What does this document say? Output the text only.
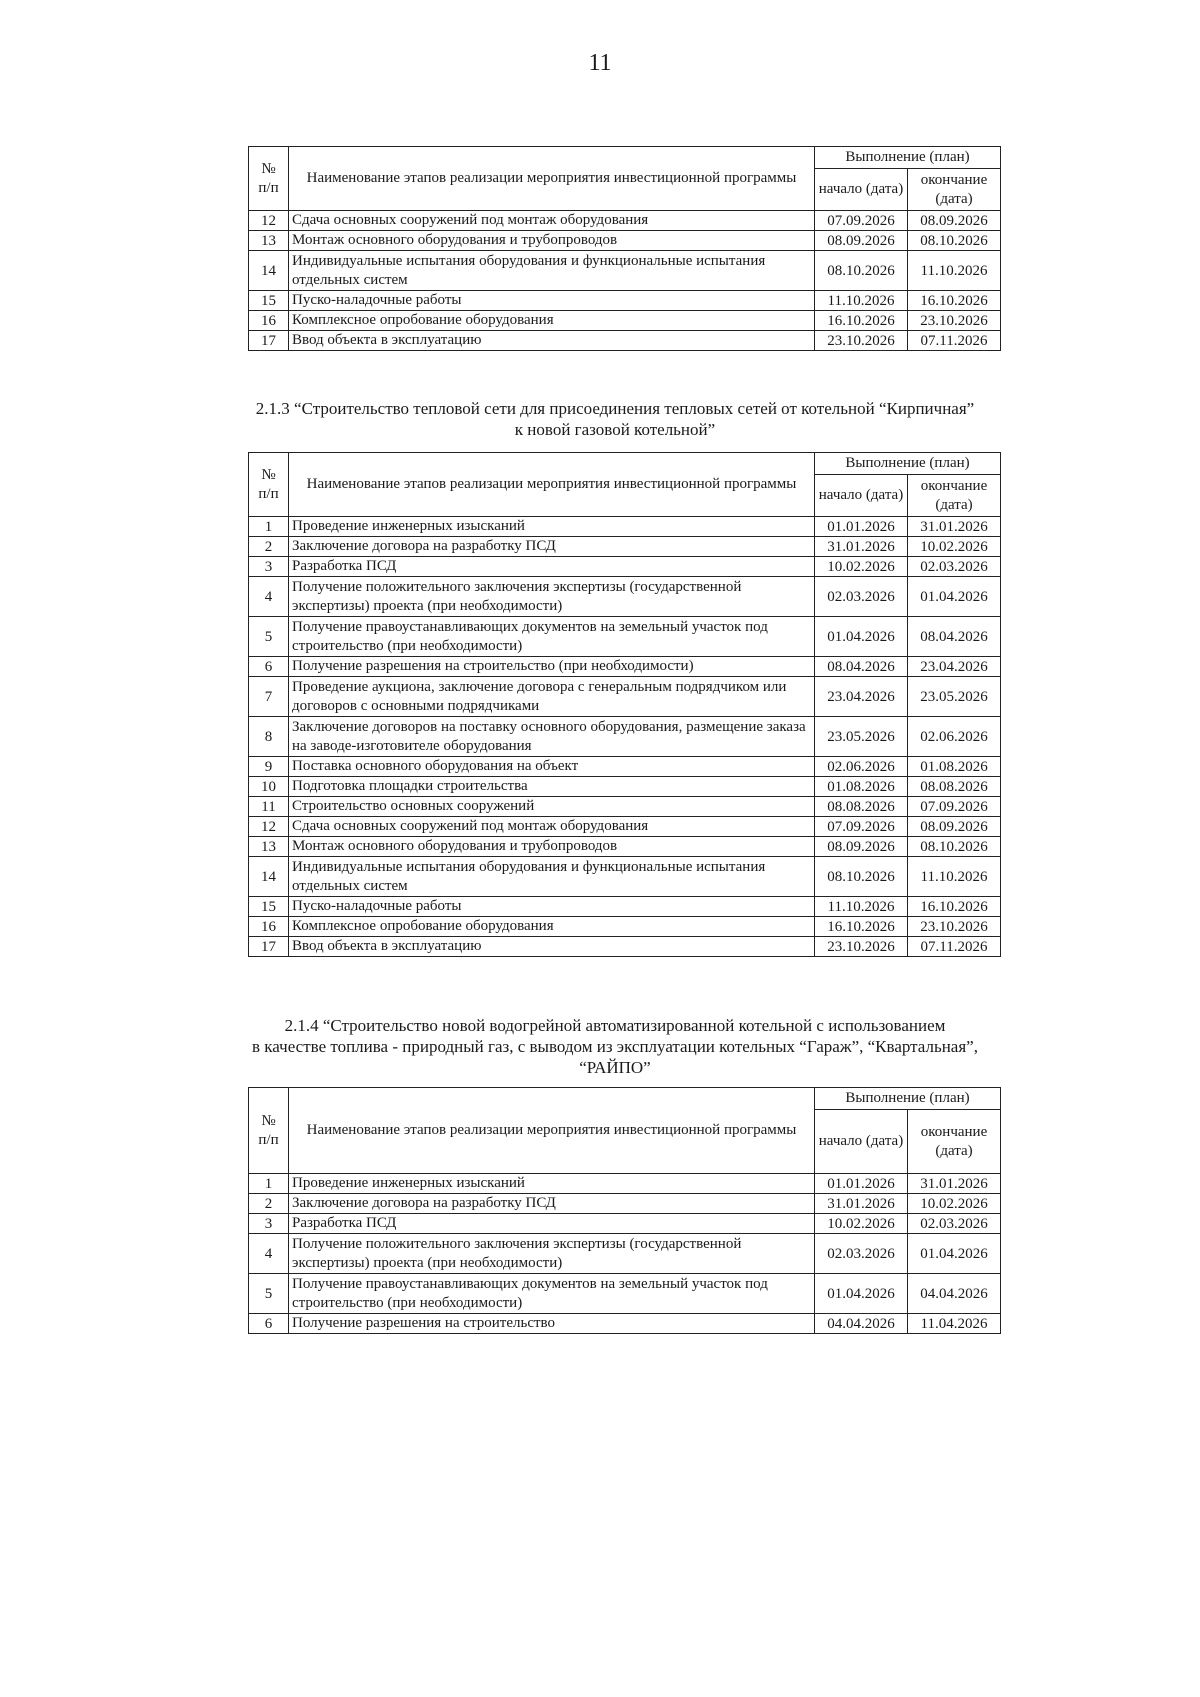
11
№
п/п	Наименование этапов реализации мероприятия инвестиционной программы	Выполнение (план)	
		начало (дата)	окончание (дата)
12	Сдача основных сооружений под монтаж оборудования	07.09.2026	08.09.2026
13	Монтаж основного оборудования и трубопроводов	08.09.2026	08.10.2026
14	Индивидуальные испытания оборудования и функциональные испытания отдельных систем	08.10.2026	11.10.2026
15	Пуско-наладочные работы	11.10.2026	16.10.2026
16	Комплексное опробование оборудования	16.10.2026	23.10.2026
17	Ввод объекта в эксплуатацию	23.10.2026	07.11.2026
2.1.3 “Строительство тепловой сети для присоединения тепловых сетей от котельной “Кирпичная”
к новой газовой котельной”
№
п/п	Наименование этапов реализации мероприятия инвестиционной программы	Выполнение (план)	
		начало (дата)	окончание (дата)
1	Проведение инженерных изысканий	01.01.2026	31.01.2026
2	Заключение договора на разработку ПСД	31.01.2026	10.02.2026
3	Разработка ПСД	10.02.2026	02.03.2026
4	Получение положительного заключения экспертизы (государственной экспертизы) проекта (при необходимости)	02.03.2026	01.04.2026
5	Получение правоустанавливающих документов на земельный участок под строительство (при необходимости)	01.04.2026	08.04.2026
6	Получение разрешения на строительство (при необходимости)	08.04.2026	23.04.2026
7	Проведение аукциона, заключение договора с генеральным подрядчиком или договоров с основными подрядчиками	23.04.2026	23.05.2026
8	Заключение договоров на поставку основного оборудования, размещение заказа на заводе-изготовителе оборудования	23.05.2026	02.06.2026
9	Поставка основного оборудования на объект	02.06.2026	01.08.2026
10	Подготовка площадки строительства	01.08.2026	08.08.2026
11	Строительство основных сооружений	08.08.2026	07.09.2026
12	Сдача основных сооружений под монтаж оборудования	07.09.2026	08.09.2026
13	Монтаж основного оборудования и трубопроводов	08.09.2026	08.10.2026
14	Индивидуальные испытания оборудования и функциональные испытания отдельных систем	08.10.2026	11.10.2026
15	Пуско-наладочные работы	11.10.2026	16.10.2026
16	Комплексное опробование оборудования	16.10.2026	23.10.2026
17	Ввод объекта в эксплуатацию	23.10.2026	07.11.2026
2.1.4 “Строительство новой водогрейной автоматизированной котельной с использованием
в качестве топлива - природный газ, с выводом из эксплуатации котельных “Гараж”, “Квартальная”,
“РАЙПО”
№
п/п	Наименование этапов реализации мероприятия инвестиционной программы	Выполнение (план)	
		начало (дата)	окончание (дата)
1	Проведение инженерных изысканий	01.01.2026	31.01.2026
2	Заключение договора на разработку ПСД	31.01.2026	10.02.2026
3	Разработка ПСД	10.02.2026	02.03.2026
4	Получение положительного заключения экспертизы (государственной экспертизы) проекта (при необходимости)	02.03.2026	01.04.2026
5	Получение правоустанавливающих документов на земельный участок под строительство (при необходимости)	01.04.2026	04.04.2026
6	Получение разрешения на строительство	04.04.2026	11.04.2026
